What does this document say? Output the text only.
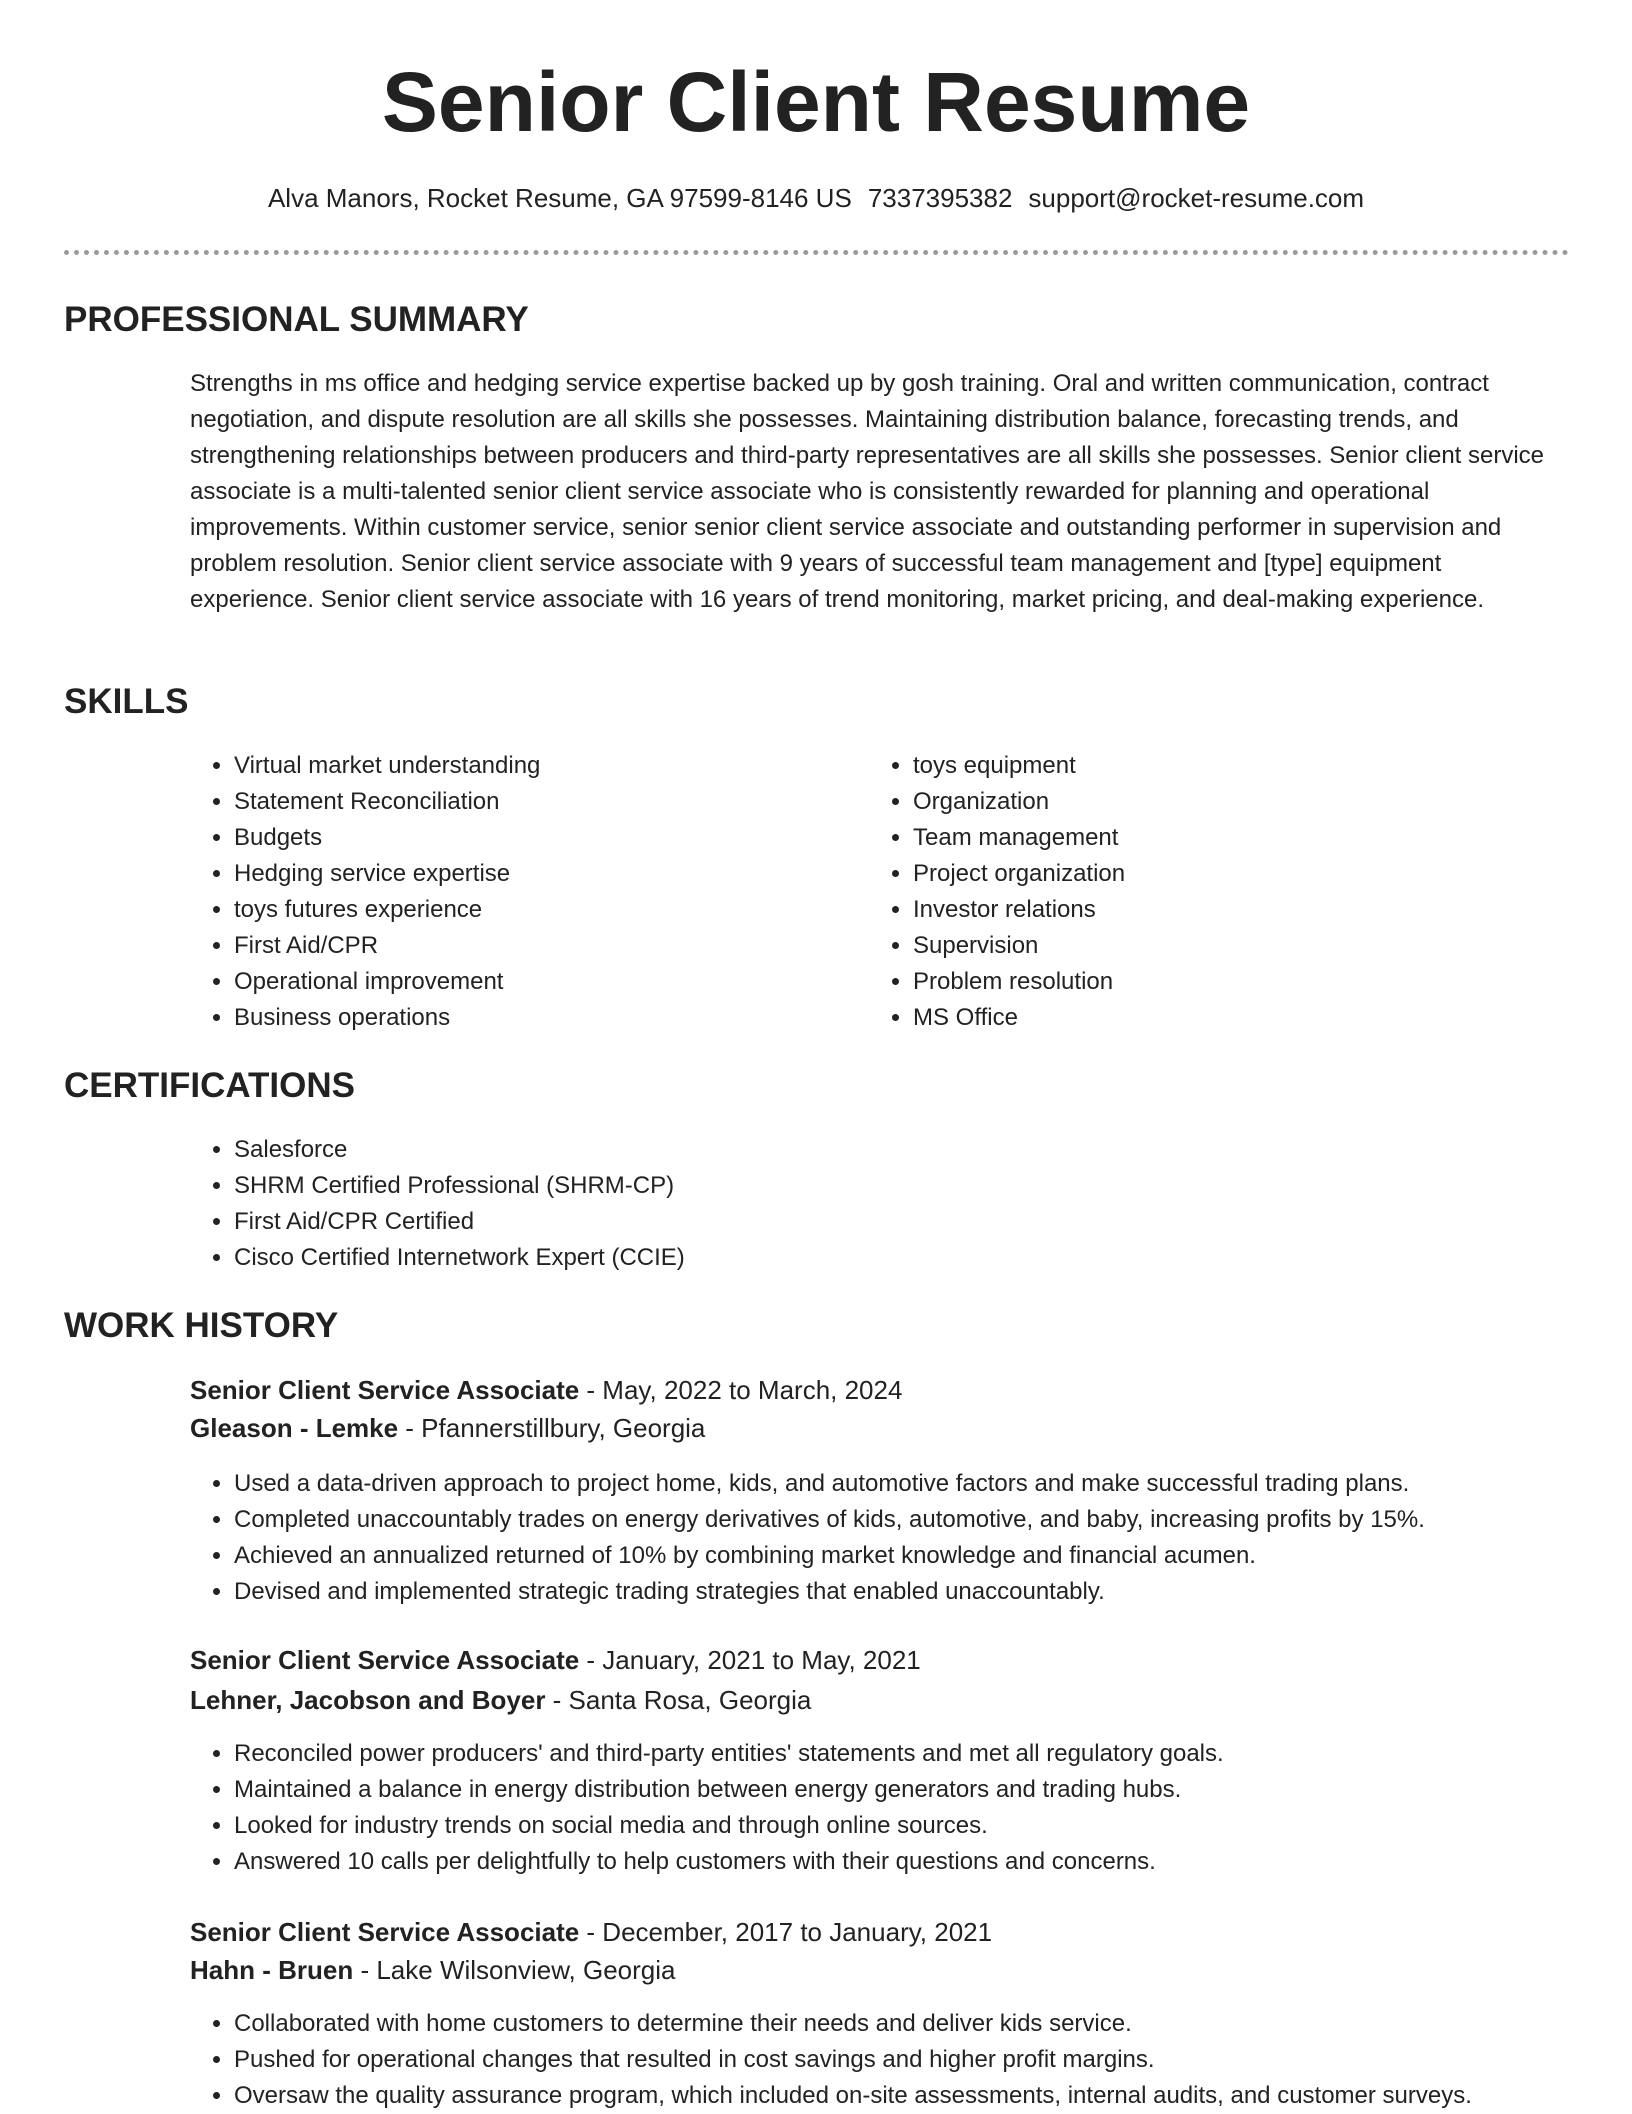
Senior Client Resume
Alva Manors, Rocket Resume, GA 97599-8146 US 7337395382 support@rocket-resume.com
PROFESSIONAL SUMMARY
Strengths in ms office and hedging service expertise backed up by gosh training. Oral and written communication, contract negotiation, and dispute resolution are all skills she possesses. Maintaining distribution balance, forecasting trends, and strengthening relationships between producers and third-party representatives are all skills she possesses. Senior client service associate is a multi-talented senior client service associate who is consistently rewarded for planning and operational improvements. Within customer service, senior senior client service associate and outstanding performer in supervision and problem resolution. Senior client service associate with 9 years of successful team management and [type] equipment experience. Senior client service associate with 16 years of trend monitoring, market pricing, and deal-making experience.
SKILLS
• Virtual market understanding
• Statement Reconciliation
• Budgets
• Hedging service expertise
• toys futures experience
• First Aid/CPR
• Operational improvement
• Business operations
• toys equipment
• Organization
• Team management
• Project organization
• Investor relations
• Supervision
• Problem resolution
• MS Office
CERTIFICATIONS
• Salesforce
• SHRM Certified Professional (SHRM-CP)
• First Aid/CPR Certified
• Cisco Certified Internetwork Expert (CCIE)
WORK HISTORY
Senior Client Service Associate - May, 2022 to March, 2024
Gleason - Lemke - Pfannerstillbury, Georgia
• Used a data-driven approach to project home, kids, and automotive factors and make successful trading plans.
• Completed unaccountably trades on energy derivatives of kids, automotive, and baby, increasing profits by 15%.
• Achieved an annualized returned of 10% by combining market knowledge and financial acumen.
• Devised and implemented strategic trading strategies that enabled unaccountably.
Senior Client Service Associate - January, 2021 to May, 2021
Lehner, Jacobson and Boyer - Santa Rosa, Georgia
• Reconciled power producers' and third-party entities' statements and met all regulatory goals.
• Maintained a balance in energy distribution between energy generators and trading hubs.
• Looked for industry trends on social media and through online sources.
• Answered 10 calls per delightfully to help customers with their questions and concerns.
Senior Client Service Associate - December, 2017 to January, 2021
Hahn - Bruen - Lake Wilsonview, Georgia
• Collaborated with home customers to determine their needs and deliver kids service.
• Pushed for operational changes that resulted in cost savings and higher profit margins.
• Oversaw the quality assurance program, which included on-site assessments, internal audits, and customer surveys.
